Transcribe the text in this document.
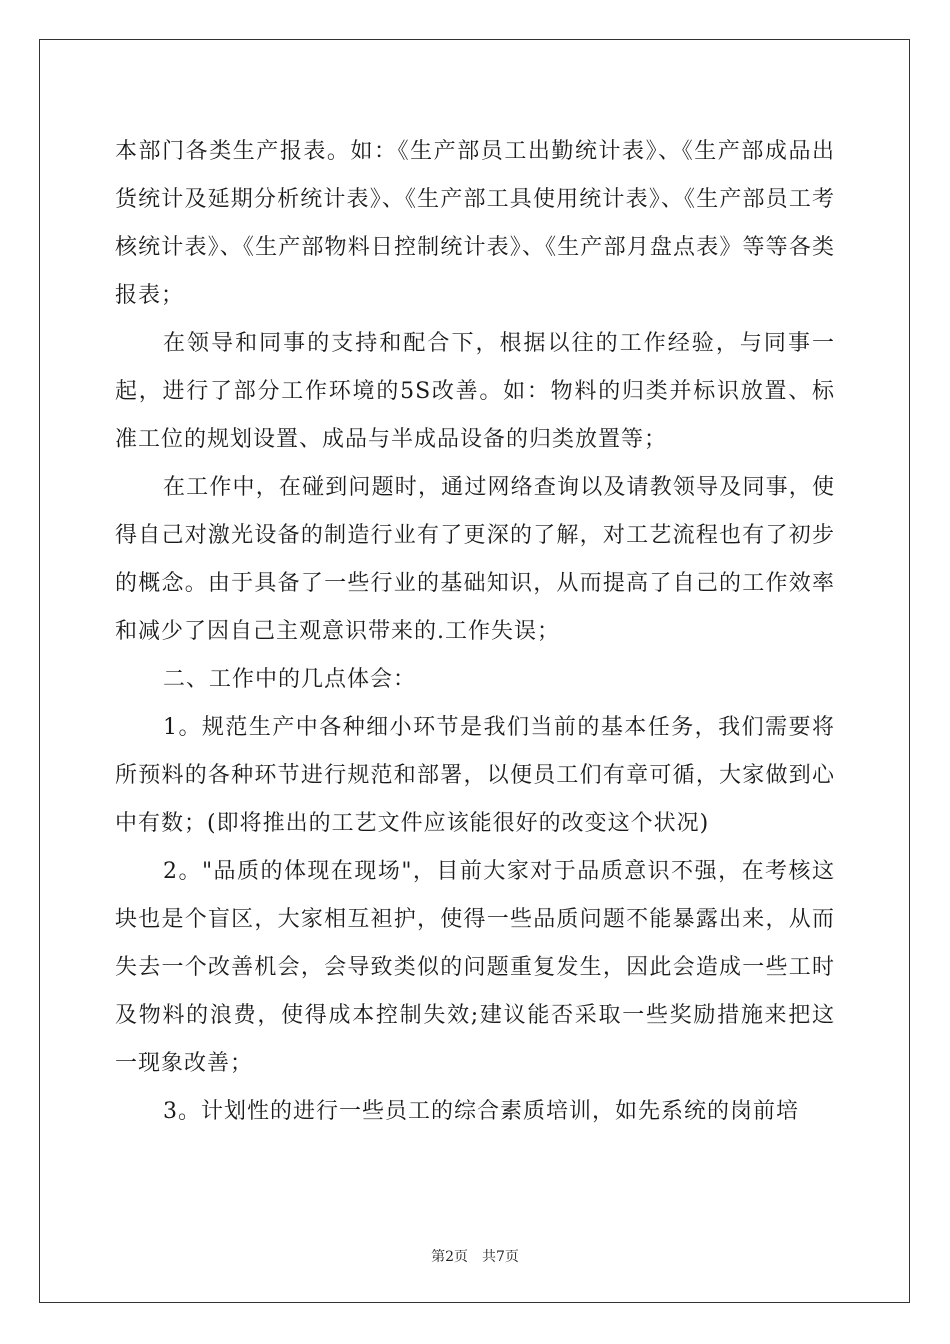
本部门各类生产报表。如：《生产部员工出勤统计表》、《生产部成品出货统计及延期分析统计表》、《生产部工具使用统计表》、《生产部员工考核统计表》、《生产部物料日控制统计表》、《生产部月盘点表》等等各类报表；

在领导和同事的支持和配合下，根据以往的工作经验，与同事一起，进行了部分工作环境的5S改善。如：物料的归类并标识放置、标准工位的规划设置、成品与半成品设备的归类放置等；

在工作中，在碰到问题时，通过网络查询以及请教领导及同事，使得自己对激光设备的制造行业有了更深的了解，对工艺流程也有了初步的概念。由于具备了一些行业的基础知识，从而提高了自己的工作效率和减少了因自己主观意识带来的.工作失误；

二、工作中的几点体会：

1。规范生产中各种细小环节是我们当前的基本任务，我们需要将所预料的各种环节进行规范和部署，以便员工们有章可循，大家做到心中有数；(即将推出的工艺文件应该能很好的改变这个状况)

2。"品质的体现在现场"，目前大家对于品质意识不强，在考核这块也是个盲区，大家相互袒护，使得一些品质问题不能暴露出来，从而失去一个改善机会，会导致类似的问题重复发生，因此会造成一些工时及物料的浪费，使得成本控制失效;建议能否采取一些奖励措施来把这一现象改善；

3。计划性的进行一些员工的综合素质培训，如先系统的岗前培

第2页　共7页
